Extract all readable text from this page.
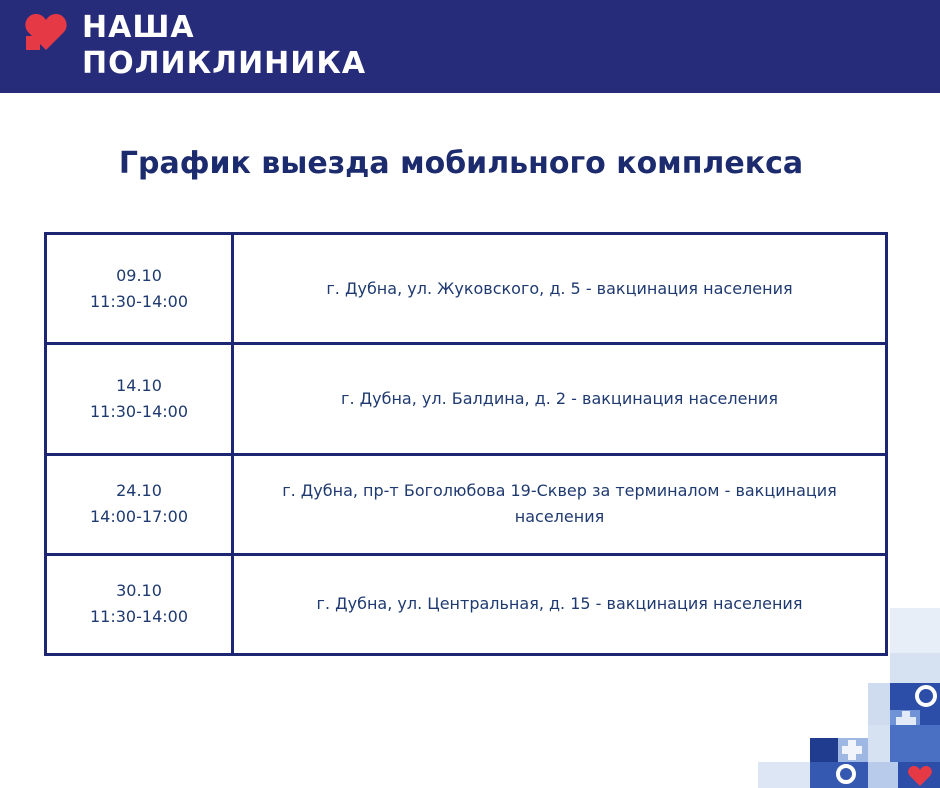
НАША
ПОЛИКЛИНИКА
График выезда мобильного комплекса
09.10
11:30-14:00	г. Дубна, ул. Жуковского, д. 5 - вакцинация населения

14.10
11:30-14:00	г. Дубна, ул. Балдина, д. 2 - вакцинация населения

24.10
14:00-17:00	г. Дубна, пр-т Боголюбова 19-Сквер за терминалом - вакцинация населения

30.10
11:30-14:00	г. Дубна, ул. Центральная, д. 15 - вакцинация населения
